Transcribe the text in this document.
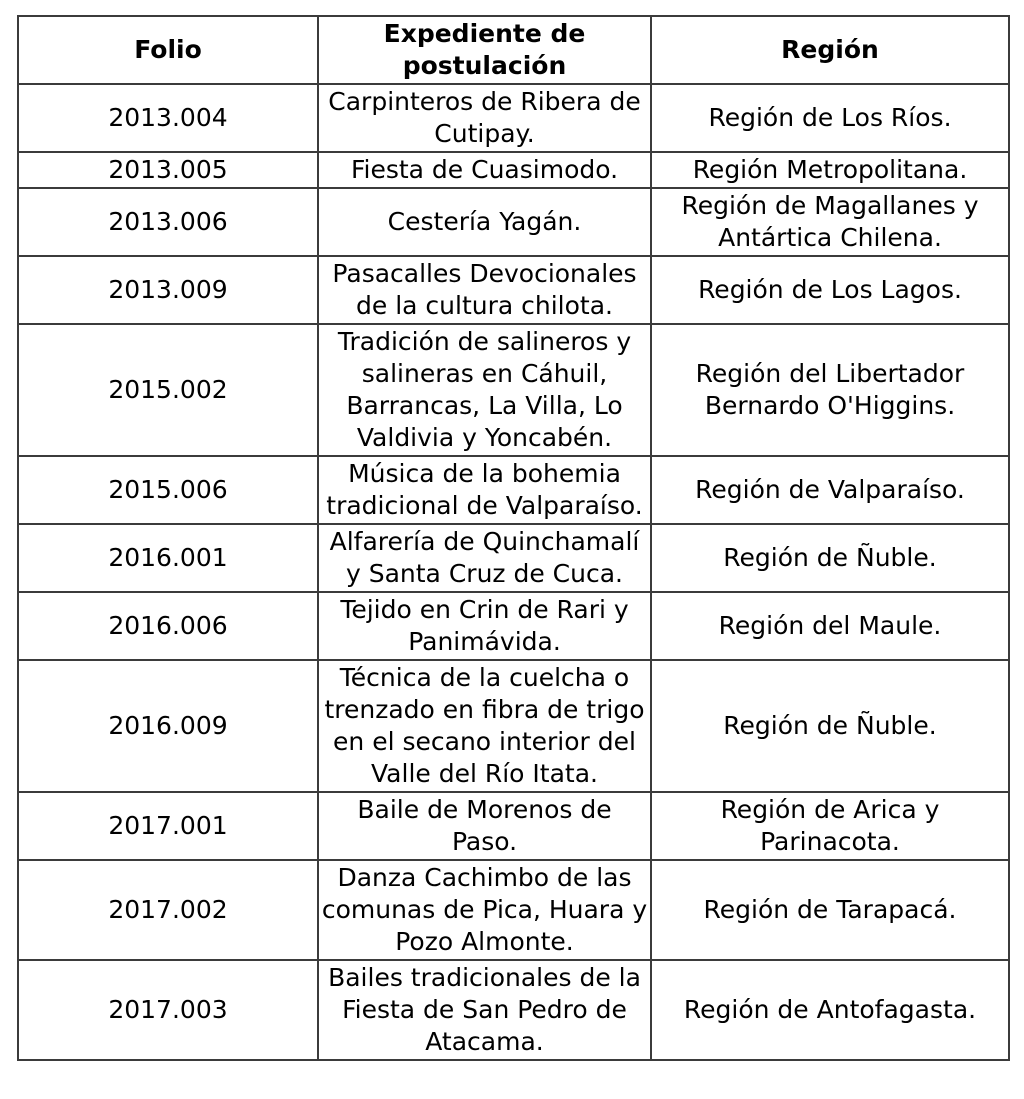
Folio	Expediente de postulación	Región
2013.004	Carpinteros de Ribera de Cutipay.	Región de Los Ríos.
2013.005	Fiesta de Cuasimodo.	Región Metropolitana.
2013.006	Cestería Yagán.	Región de Magallanes y Antártica Chilena.
2013.009	Pasacalles Devocionales de la cultura chilota.	Región de Los Lagos.
2015.002	Tradición de salineros y salineras en Cáhuil, Barrancas, La Villa, Lo Valdivia y Yoncabén.	Región del Libertador Bernardo O'Higgins.
2015.006	Música de la bohemia tradicional de Valparaíso.	Región de Valparaíso.
2016.001	Alfarería de Quinchamalí y Santa Cruz de Cuca.	Región de Ñuble.
2016.006	Tejido en Crin de Rari y Panimávida.	Región del Maule.
2016.009	Técnica de la cuelcha o trenzado en fibra de trigo en el secano interior del Valle del Río Itata.	Región de Ñuble.
2017.001	Baile de Morenos de Paso.	Región de Arica y Parinacota.
2017.002	Danza Cachimbo de las comunas de Pica, Huara y Pozo Almonte.	Región de Tarapacá.
2017.003	Bailes tradicionales de la Fiesta de San Pedro de Atacama.	Región de Antofagasta.
